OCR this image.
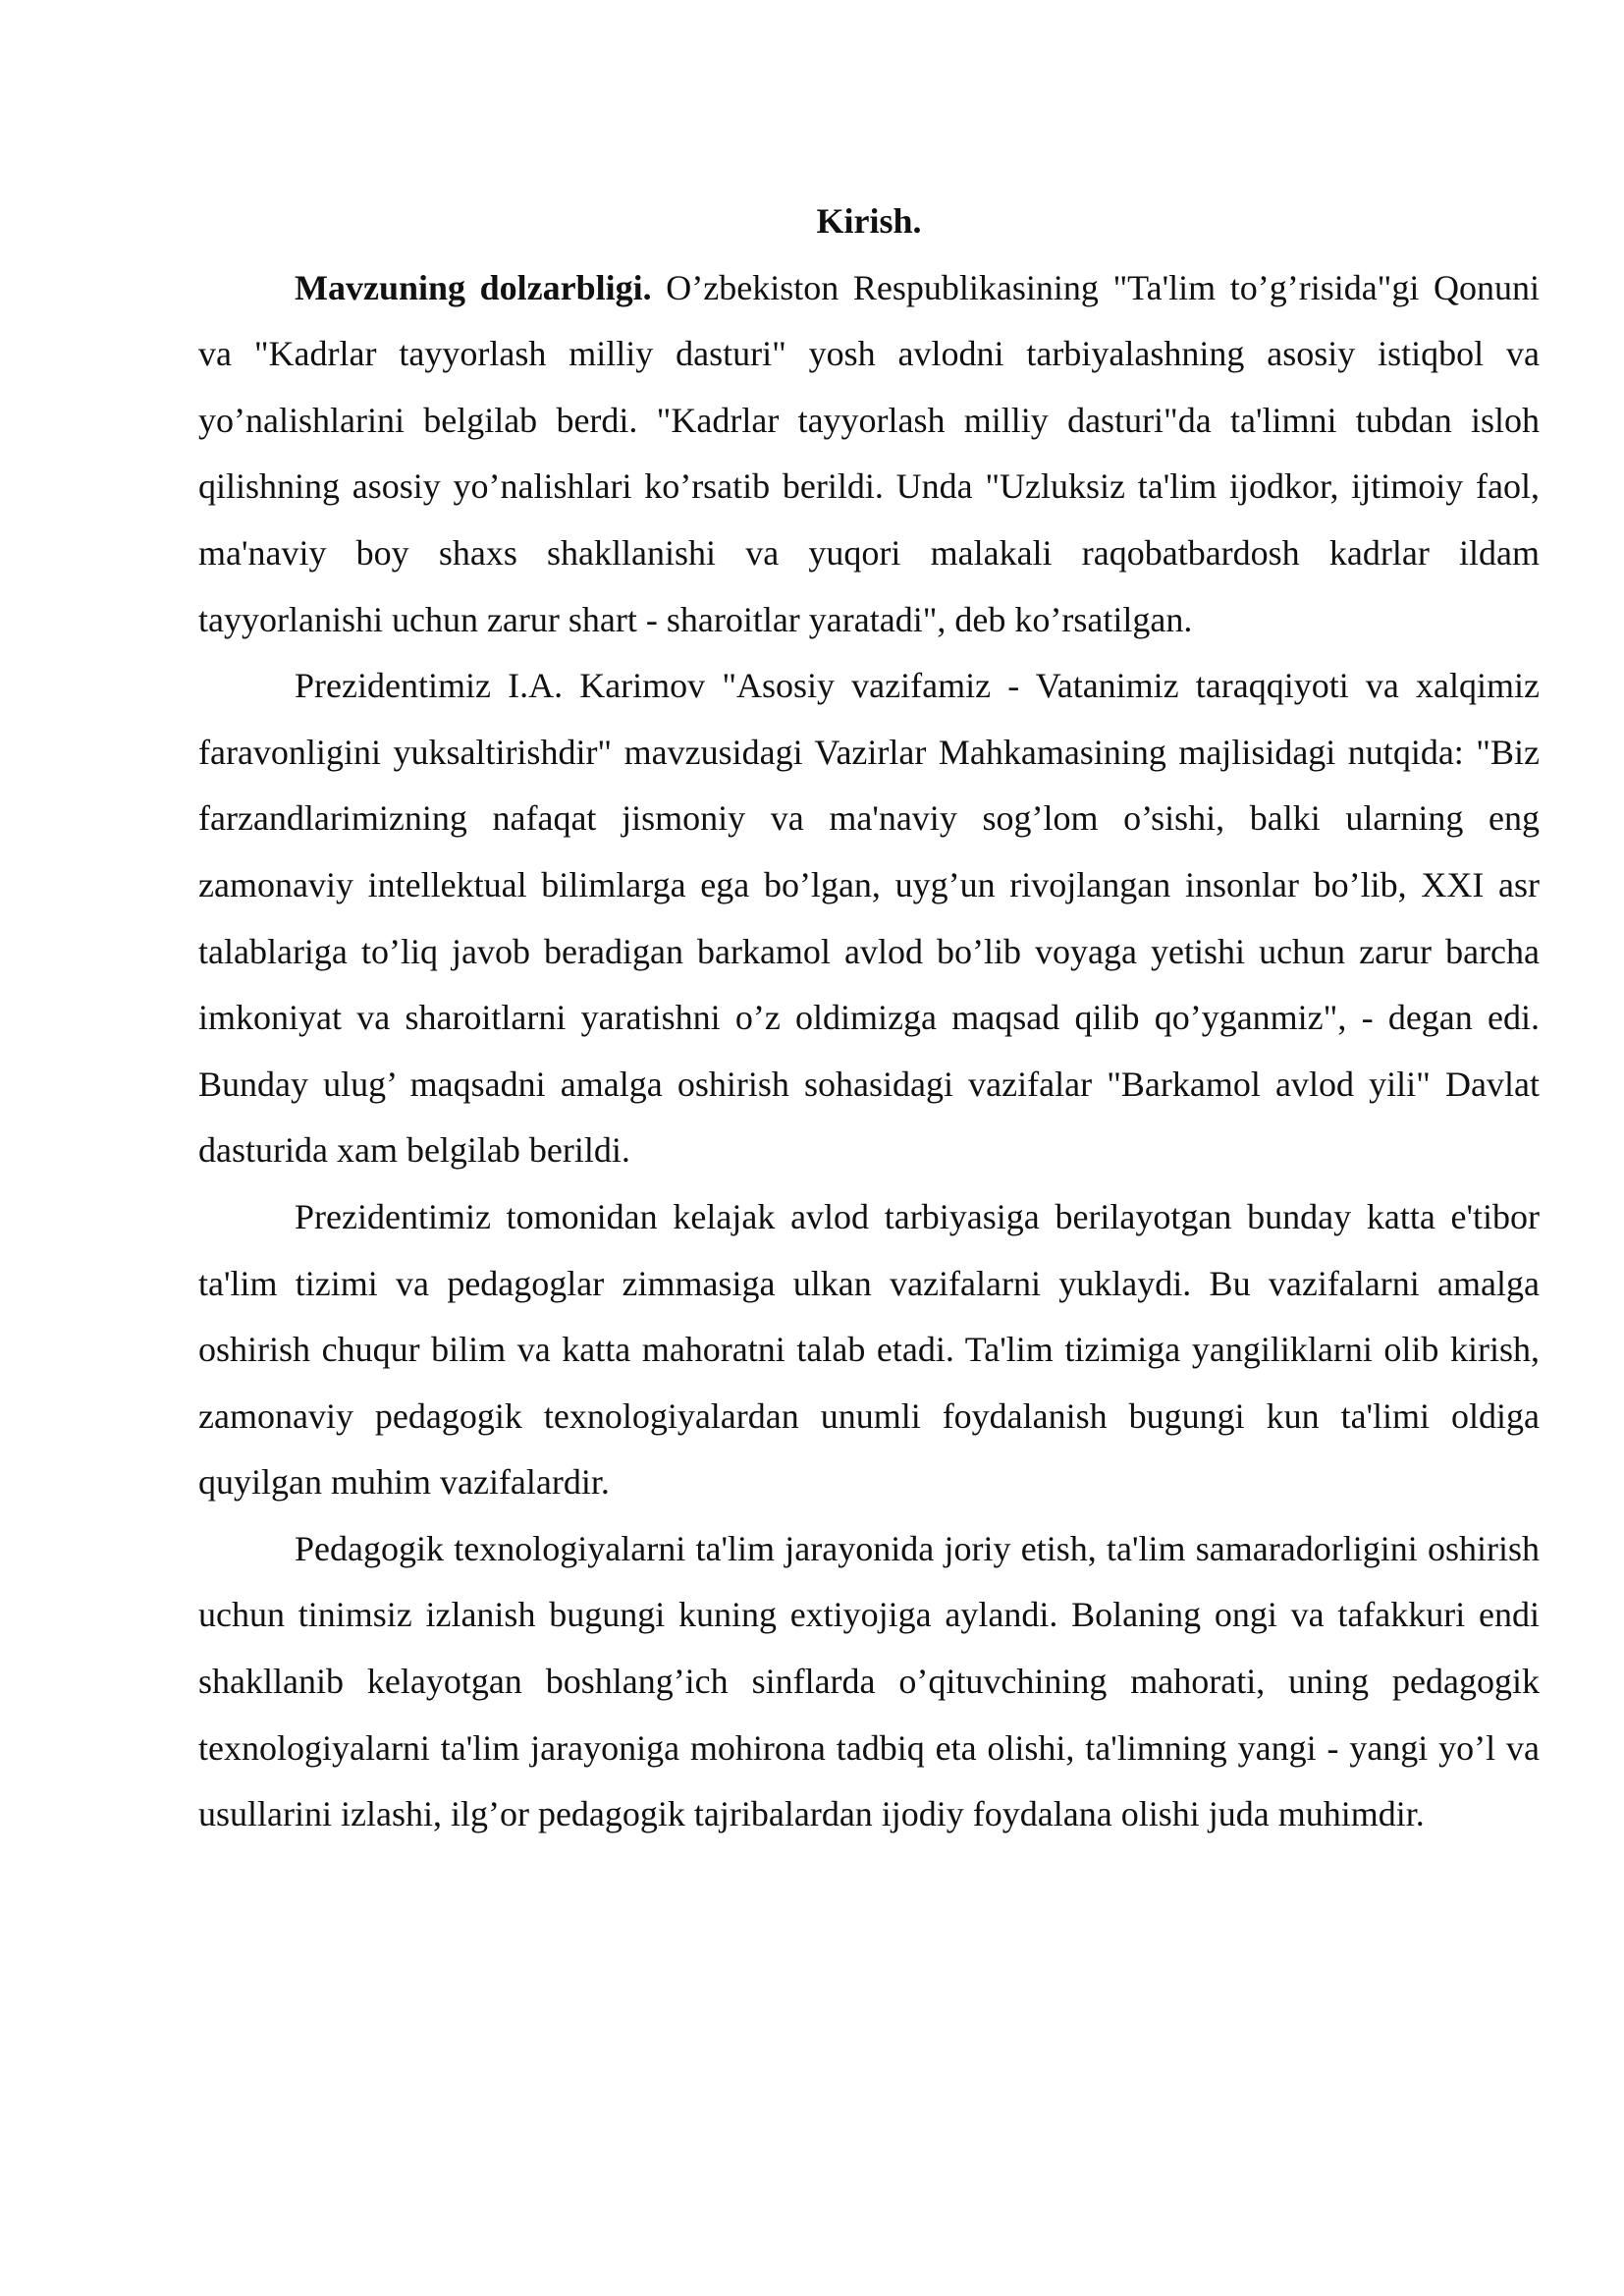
Kirish.

Mavzuning dolzarbligi. O’zbekiston Respublikasining "Ta'lim to’g’risida"gi Qonuni va "Kadrlar tayyorlash milliy dasturi" yosh avlodni tarbiyalashning asosiy istiqbol va yo’nalishlarini belgilab berdi. "Kadrlar tayyorlash milliy dasturi"da ta'limni tubdan isloh qilishning asosiy yo’nalishlari ko’rsatib berildi. Unda "Uzluksiz ta'lim ijodkor, ijtimoiy faol, ma'naviy boy shaxs shakllanishi va yuqori malakali raqobatbardosh kadrlar ildam tayyorlanishi uchun zarur shart - sharoitlar yaratadi", deb ko’rsatilgan.

Prezidentimiz I.A. Karimov "Asosiy vazifamiz - Vatanimiz taraqqiyoti va xalqimiz faravonligini yuksaltirishdir" mavzusidagi Vazirlar Mahkamasining majlisidagi nutqida: "Biz farzandlarimizning nafaqat jismoniy va ma'naviy sog’lom o’sishi, balki ularning eng zamonaviy intellektual bilimlarga ega bo’lgan, uyg’un rivojlangan insonlar bo’lib, XXI asr talablariga to’liq javob beradigan barkamol avlod bo’lib voyaga yetishi uchun zarur barcha imkoniyat va sharoitlarni yaratishni o’z oldimizga maqsad qilib qo’yganmiz", - degan edi. Bunday ulug’ maqsadni amalga oshirish sohasidagi vazifalar "Barkamol avlod yili" Davlat dasturida xam belgilab berildi.

Prezidentimiz tomonidan kelajak avlod tarbiyasiga berilayotgan bunday katta e'tibor ta'lim tizimi va pedagoglar zimmasiga ulkan vazifalarni yuklaydi. Bu vazifalarni amalga oshirish chuqur bilim va katta mahoratni talab etadi. Ta'lim tizimiga yangiliklarni olib kirish, zamonaviy pedagogik texnologiyalardan unumli foydalanish bugungi kun ta'limi oldiga quyilgan muhim vazifalardir.

Pedagogik texnologiyalarni ta'lim jarayonida joriy etish, ta'lim samaradorligini oshirish uchun tinimsiz izlanish bugungi kuning extiyojiga aylandi. Bolaning ongi va tafakkuri endi shakllanib kelayotgan boshlang’ich sinflarda o’qituvchining mahorati, uning pedagogik texnologiyalarni ta'lim jarayoniga mohirona tadbiq eta olishi, ta'limning yangi - yangi yo’l va usullarini izlashi, ilg’or pedagogik tajribalardan ijodiy foydalana olishi juda muhimdir.
